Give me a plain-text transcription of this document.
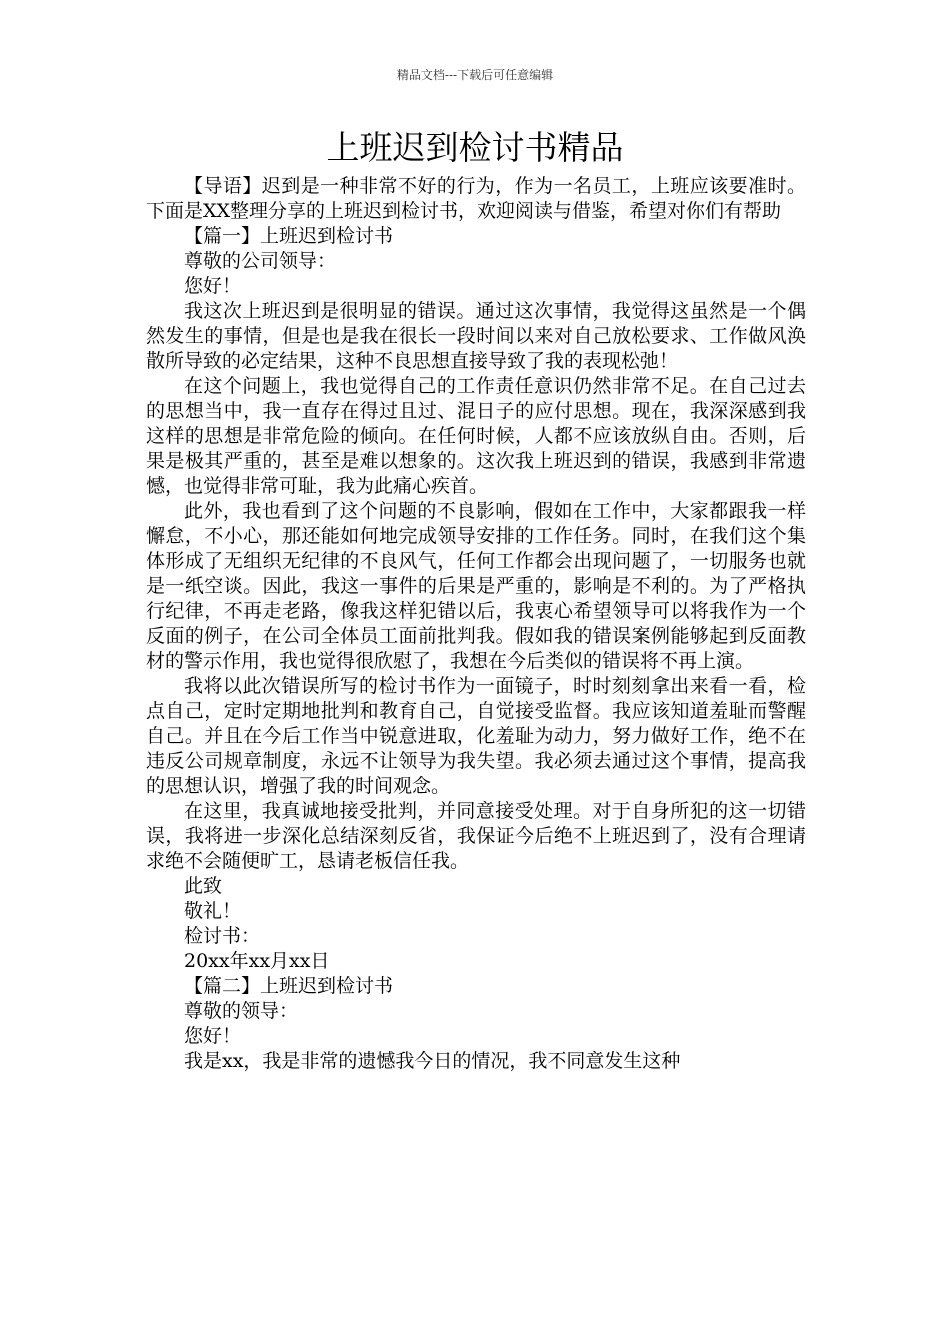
精品文档---下载后可任意编辑
上班迟到检讨书精品

【导语】迟到是一种非常不好的行为，作为一名员工，上班应该要准时。下面是XX整理分享的上班迟到检讨书，欢迎阅读与借鉴，希望对你们有帮助

【篇一】上班迟到检讨书

尊敬的公司领导：

您好！

我这次上班迟到是很明显的错误。通过这次事情，我觉得这虽然是一个偶然发生的事情，但是也是我在很长一段时间以来对自己放松要求、工作做风涣散所导致的必定结果，这种不良思想直接导致了我的表现松弛！

在这个问题上，我也觉得自己的工作责任意识仍然非常不足。在自己过去的思想当中，我一直存在得过且过、混日子的应付思想。现在，我深深感到我这样的思想是非常危险的倾向。在任何时候，人都不应该放纵自由。否则，后果是极其严重的，甚至是难以想象的。这次我上班迟到的错误，我感到非常遗憾，也觉得非常可耻，我为此痛心疾首。

此外，我也看到了这个问题的不良影响，假如在工作中，大家都跟我一样懈怠，不小心，那还能如何地完成领导安排的工作任务。同时，在我们这个集体形成了无组织无纪律的不良风气，任何工作都会出现问题了，一切服务也就是一纸空谈。因此，我这一事件的后果是严重的，影响是不利的。为了严格执行纪律，不再走老路，像我这样犯错以后，我衷心希望领导可以将我作为一个反面的例子，在公司全体员工面前批判我。假如我的错误案例能够起到反面教材的警示作用，我也觉得很欣慰了，我想在今后类似的错误将不再上演。

我将以此次错误所写的检讨书作为一面镜子，时时刻刻拿出来看一看，检点自己，定时定期地批判和教育自己，自觉接受监督。我应该知道羞耻而警醒自己。并且在今后工作当中锐意进取，化羞耻为动力，努力做好工作，绝不在违反公司规章制度，永远不让领导为我失望。我必须去通过这个事情，提高我的思想认识，增强了我的时间观念。

在这里，我真诚地接受批判，并同意接受处理。对于自身所犯的这一切错误，我将进一步深化总结深刻反省，我保证今后绝不上班迟到了，没有合理请求绝不会随便旷工，恳请老板信任我。

此致

敬礼！

检讨书：

20xx年xx月xx日

【篇二】上班迟到检讨书

尊敬的领导：

您好！

我是xx，我是非常的遗憾我今日的情况，我不同意发生这种
